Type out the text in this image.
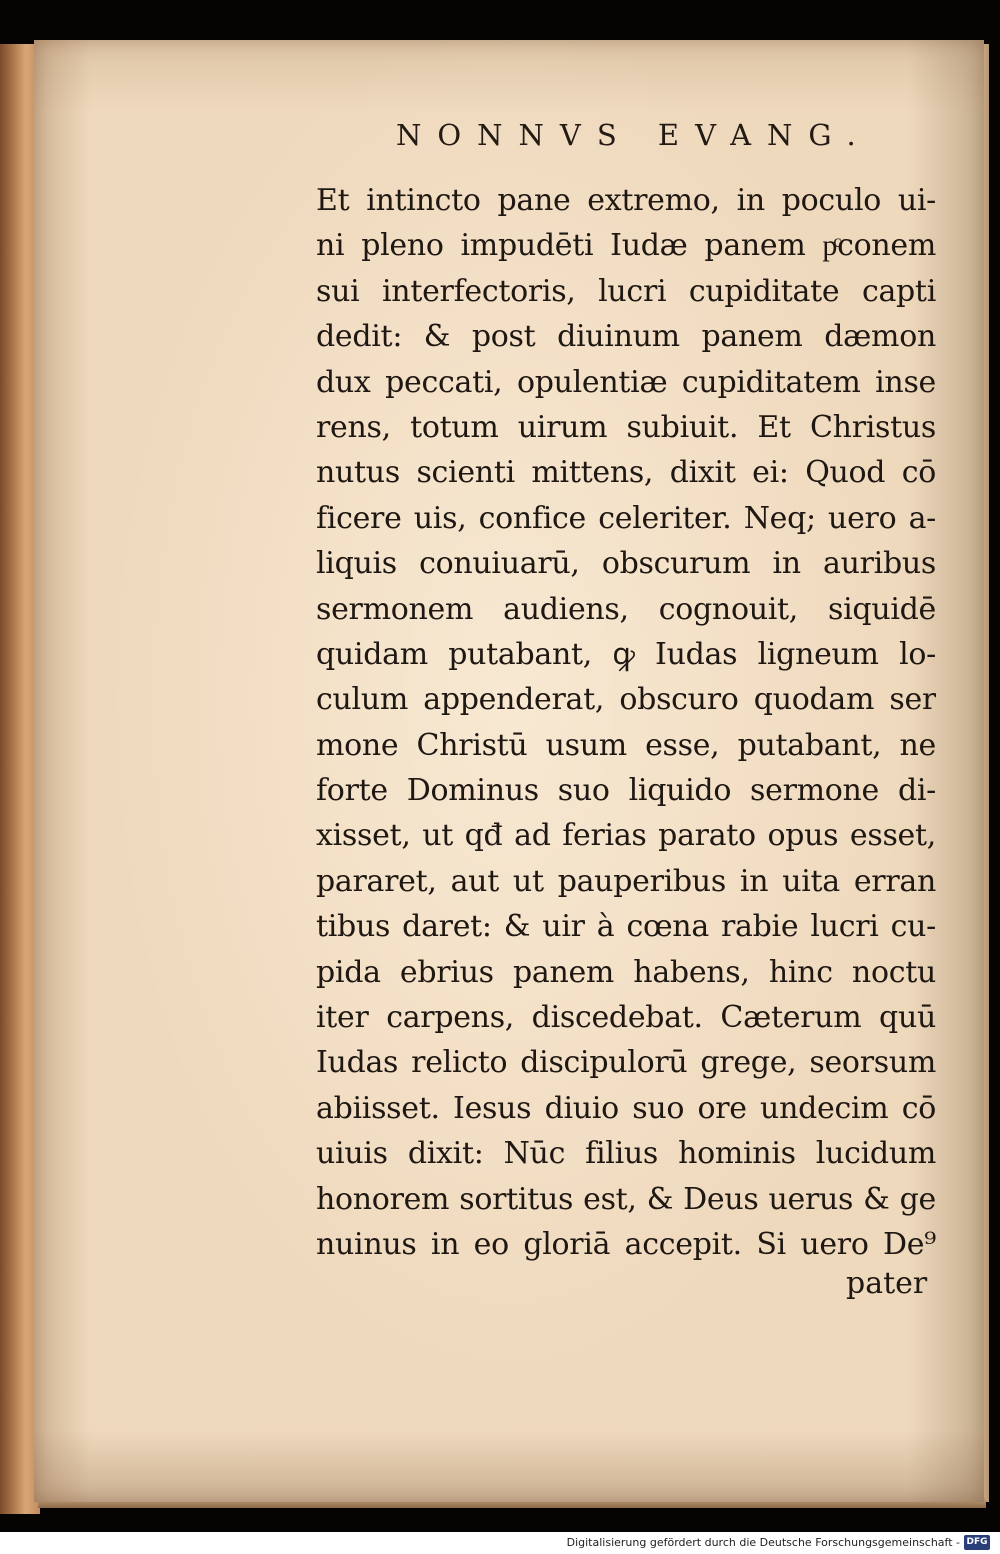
NONNVS EVANG.
Et intincto pane extremo, in poculo ui-
ni pleno impudēti Iudæ panem pͨconem
sui interfectoris, lucri cupiditate capti
dedit: & post diuinum panem dæmon
dux peccati, opulentiæ cupiditatem inse
rens, totum uirum subiuit. Et Christus
nutus scienti mittens, dixit ei: Quod cō
ficere uis, confice celeriter. Neq; uero a-
liquis conuiuarū, obscurum in auribus
sermonem audiens, cognouit, siquidē
quidam putabant, ꝙ Iudas ligneum lo-
culum appenderat, obscuro quodam ser
mone Christū usum esse, putabant, ne
forte Dominus suo liquido sermone di-
xisset, ut qđ ad ferias parato opus esset,
pararet, aut ut pauperibus in uita erran
tibus daret: & uir à cœna rabie lucri cu-
pida ebrius panem habens, hinc noctu
iter carpens, discedebat. Cæterum quū
Iudas relicto discipulorū grege, seorsum
abiisset. Iesus diuio suo ore undecim cō
uiuis dixit: Nūc filius hominis lucidum
honorem sortitus est, & Deus uerus & ge
nuinus in eo gloriā accepit. Si uero De⁹
pater
Digitalisierung gefördert durch die Deutsche Forschungsgemeinschaft - DFG
